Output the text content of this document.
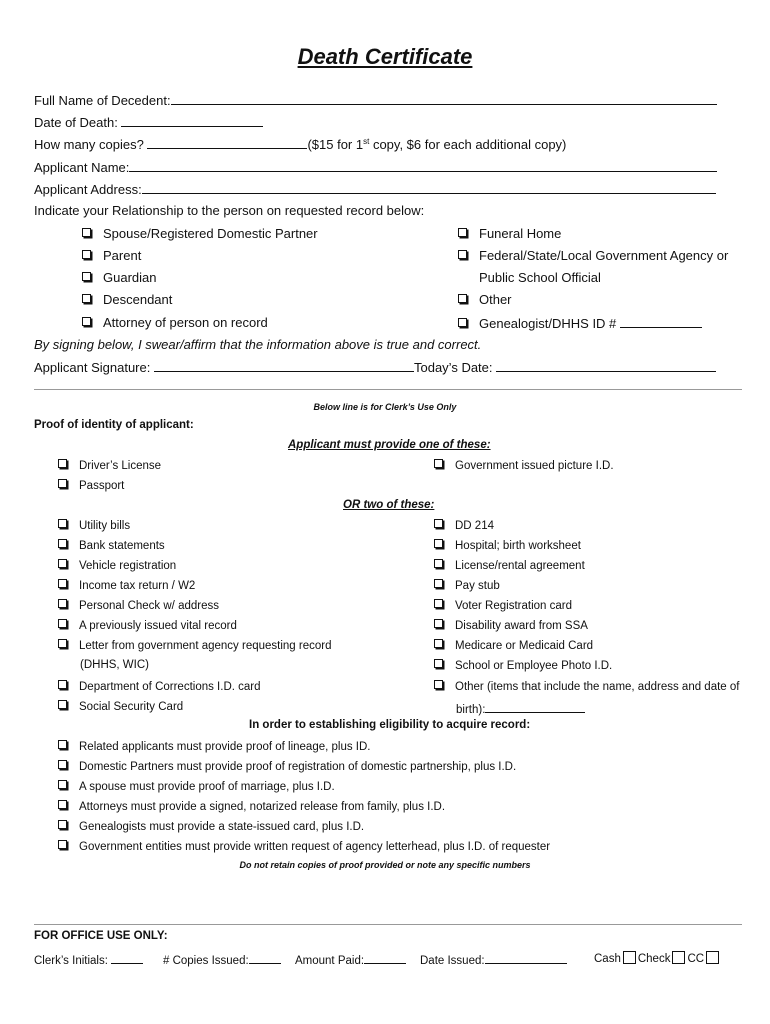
Death Certificate
Full Name of Decedent:
Date of Death:
How many copies?	($15 for 1st copy, $6 for each additional copy)
Applicant Name:
Applicant Address:
Indicate your Relationship to the person on requested record below:
Spouse/Registered Domestic Partner
Parent
Guardian
Descendant
Attorney of person on record
Funeral Home
Federal/State/Local Government Agency or
Public School Official
Other
Genealogist/DHHS ID #
By signing below, I swear/affirm that the information above is true and correct.
Applicant Signature:	Today’s Date:
Below line is for Clerk’s Use Only
Proof of identity of applicant:
Applicant must provide one of these:
Driver’s License
Passport
Government issued picture I.D.
OR two of these:
Utility bills
Bank statements
Vehicle registration
Income tax return / W2
Personal Check w/ address
A previously issued vital record
Letter from government agency requesting record
(DHHS, WIC)
Department of Corrections I.D. card
Social Security Card
DD 214
Hospital; birth worksheet
License/rental agreement
Pay stub
Voter Registration card
Disability award from SSA
Medicare or Medicaid Card
School or Employee Photo I.D.
Other (items that include the name, address and date of
birth):
In order to establishing eligibility to acquire record:
Related applicants must provide proof of lineage, plus ID.
Domestic Partners must provide proof of registration of domestic partnership, plus I.D.
A spouse must provide proof of marriage, plus I.D.
Attorneys must provide a signed, notarized release from family, plus I.D.
Genealogists must provide a state-issued card, plus I.D.
Government entities must provide written request of agency letterhead, plus I.D. of requester
Do not retain copies of proof provided or note any specific numbers
FOR OFFICE USE ONLY:
Clerk’s Initials:	# Copies Issued:	Amount Paid:	Date Issued:	Cash Check CC
